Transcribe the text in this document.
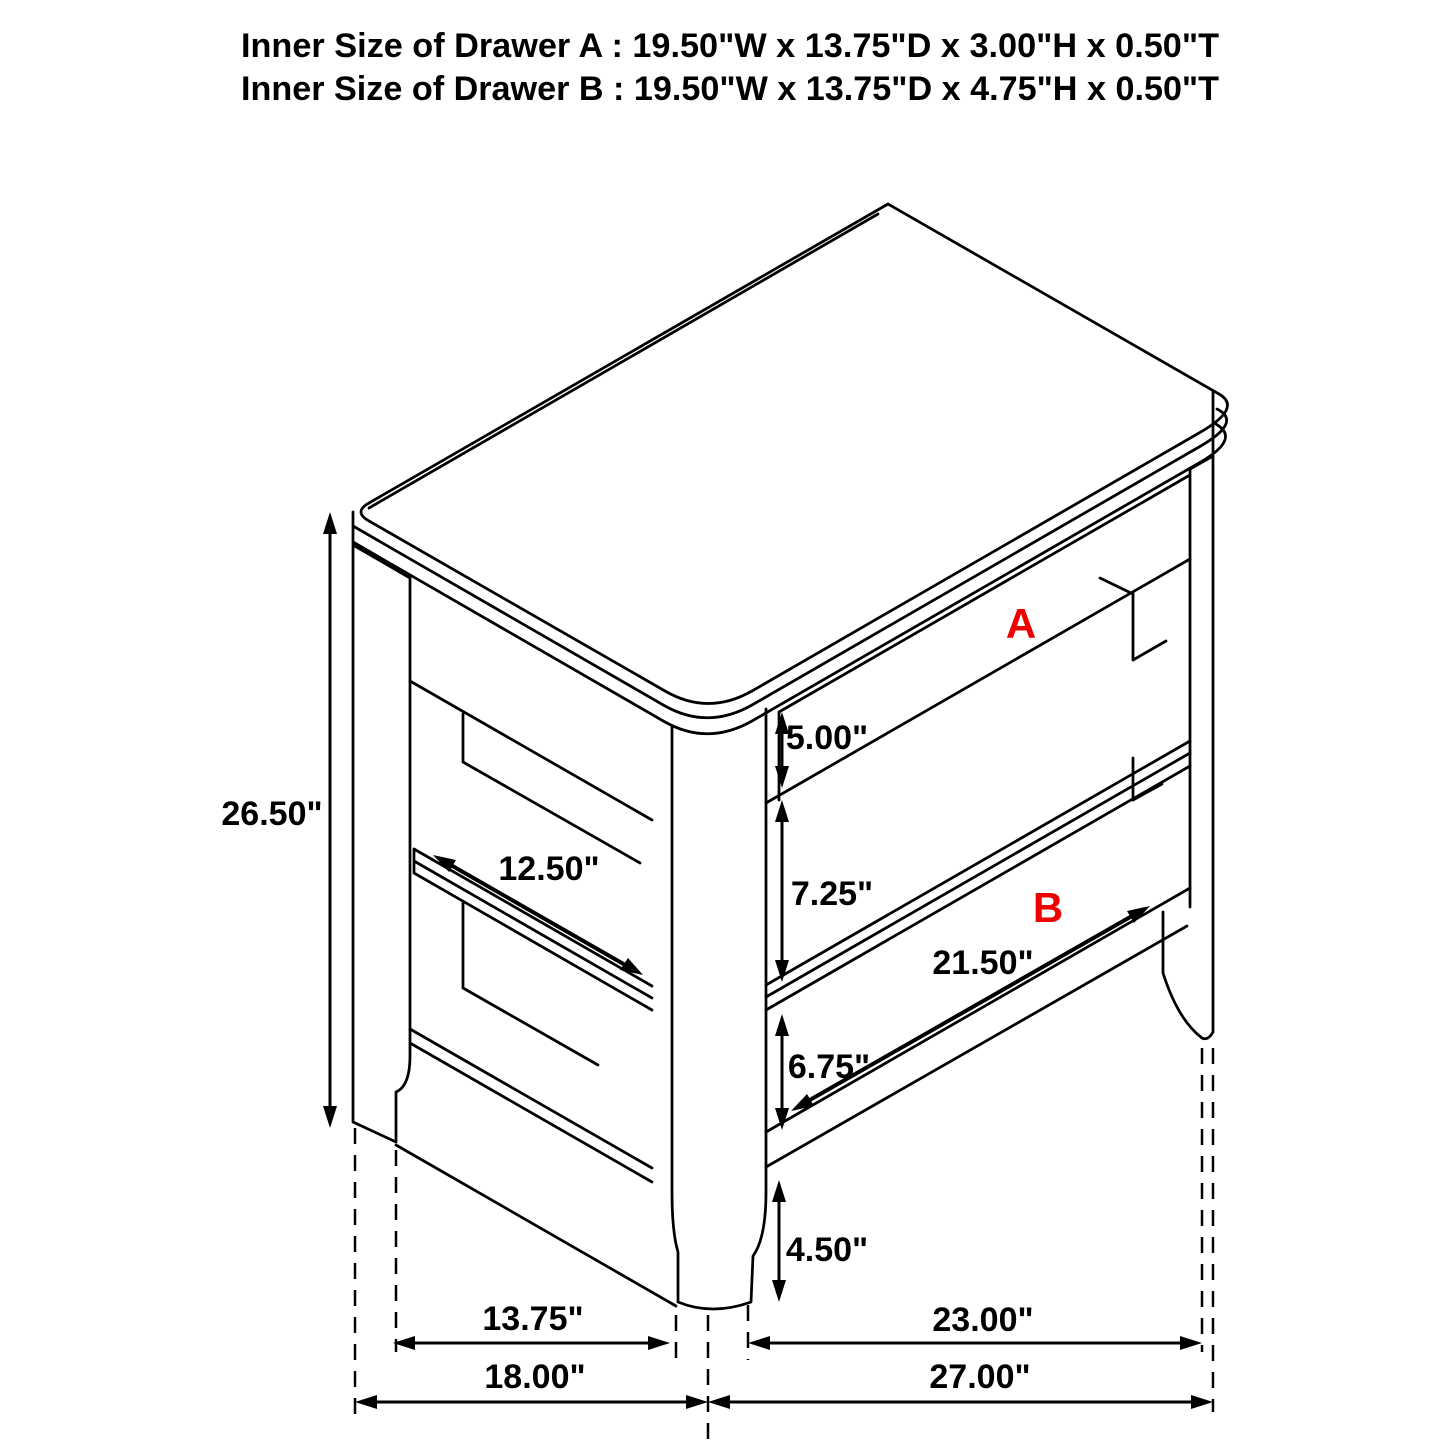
Inner Size of Drawer A : 19.50"W x 13.75"D x 3.00"H x 0.50"T
Inner Size of Drawer B : 19.50"W x 13.75"D x 4.75"H x 0.50"T
26.50"
12.50"
5.00"
7.25"
6.75"
21.50"
4.50"
13.75"	23.00"
18.00"	27.00"
A
B
